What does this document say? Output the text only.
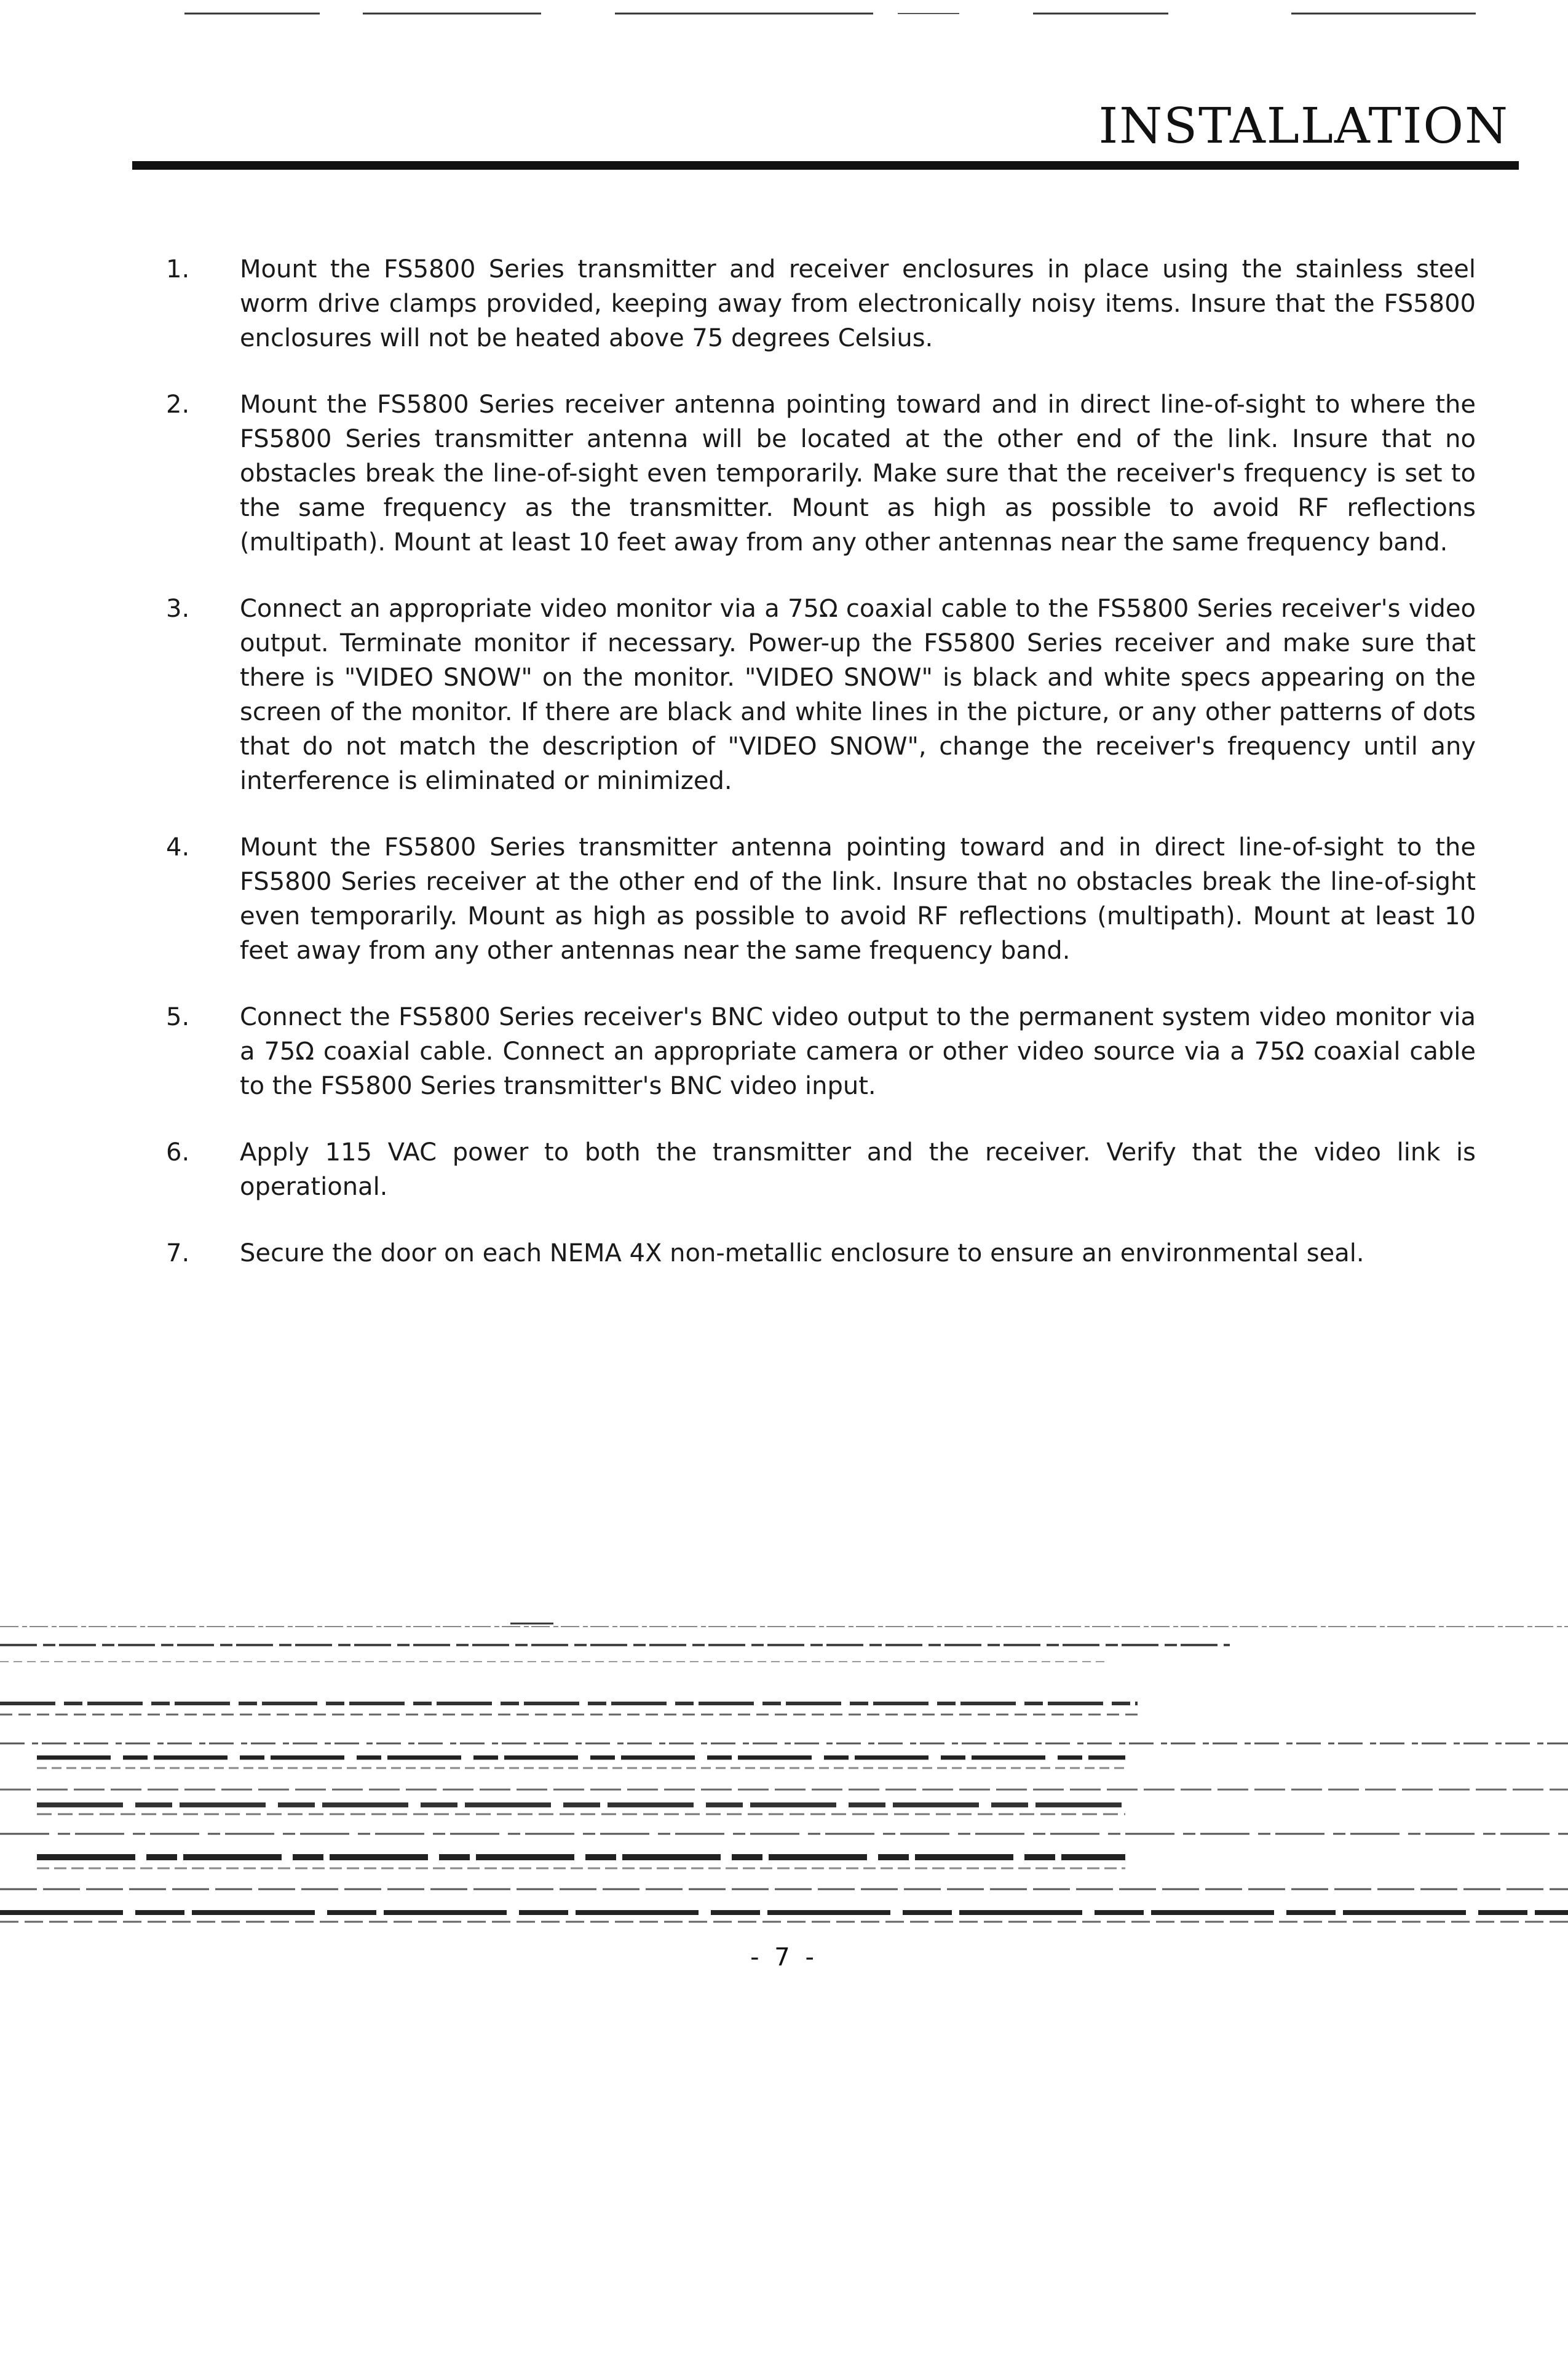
INSTALLATION
1.	Mount the FS5800 Series transmitter and receiver enclosures in place using the stainless steel worm drive clamps provided, keeping away from electronically noisy items. Insure that the FS5800 enclosures will not be heated above 75 degrees Celsius.
2.	Mount the FS5800 Series receiver antenna pointing toward and in direct line-of-sight to where the FS5800 Series transmitter antenna will be located at the other end of the link. Insure that no obstacles break the line-of-sight even temporarily. Make sure that the receiver's frequency is set to the same frequency as the transmitter. Mount as high as possible to avoid RF reflections (multipath). Mount at least 10 feet away from any other antennas near the same frequency band.
3.	Connect an appropriate video monitor via a 75Ω coaxial cable to the FS5800 Series receiver's video output. Terminate monitor if necessary. Power-up the FS5800 Series receiver and make sure that there is "VIDEO SNOW" on the monitor. "VIDEO SNOW" is black and white specs appearing on the screen of the monitor. If there are black and white lines in the picture, or any other patterns of dots that do not match the description of "VIDEO SNOW", change the receiver's frequency until any interference is eliminated or minimized.
4.	Mount the FS5800 Series transmitter antenna pointing toward and in direct line-of-sight to the FS5800 Series receiver at the other end of the link. Insure that no obstacles break the line-of-sight even temporarily. Mount as high as possible to avoid RF reflections (multipath). Mount at least 10 feet away from any other antennas near the same frequency band.
5.	Connect the FS5800 Series receiver's BNC video output to the permanent system video monitor via a 75Ω coaxial cable. Connect an appropriate camera or other video source via a 75Ω coaxial cable to the FS5800 Series transmitter's BNC video input.
6.	Apply 115 VAC power to both the transmitter and the receiver. Verify that the video link is operational.
7.	Secure the door on each NEMA 4X non-metallic enclosure to ensure an environmental seal.
- 7 -
